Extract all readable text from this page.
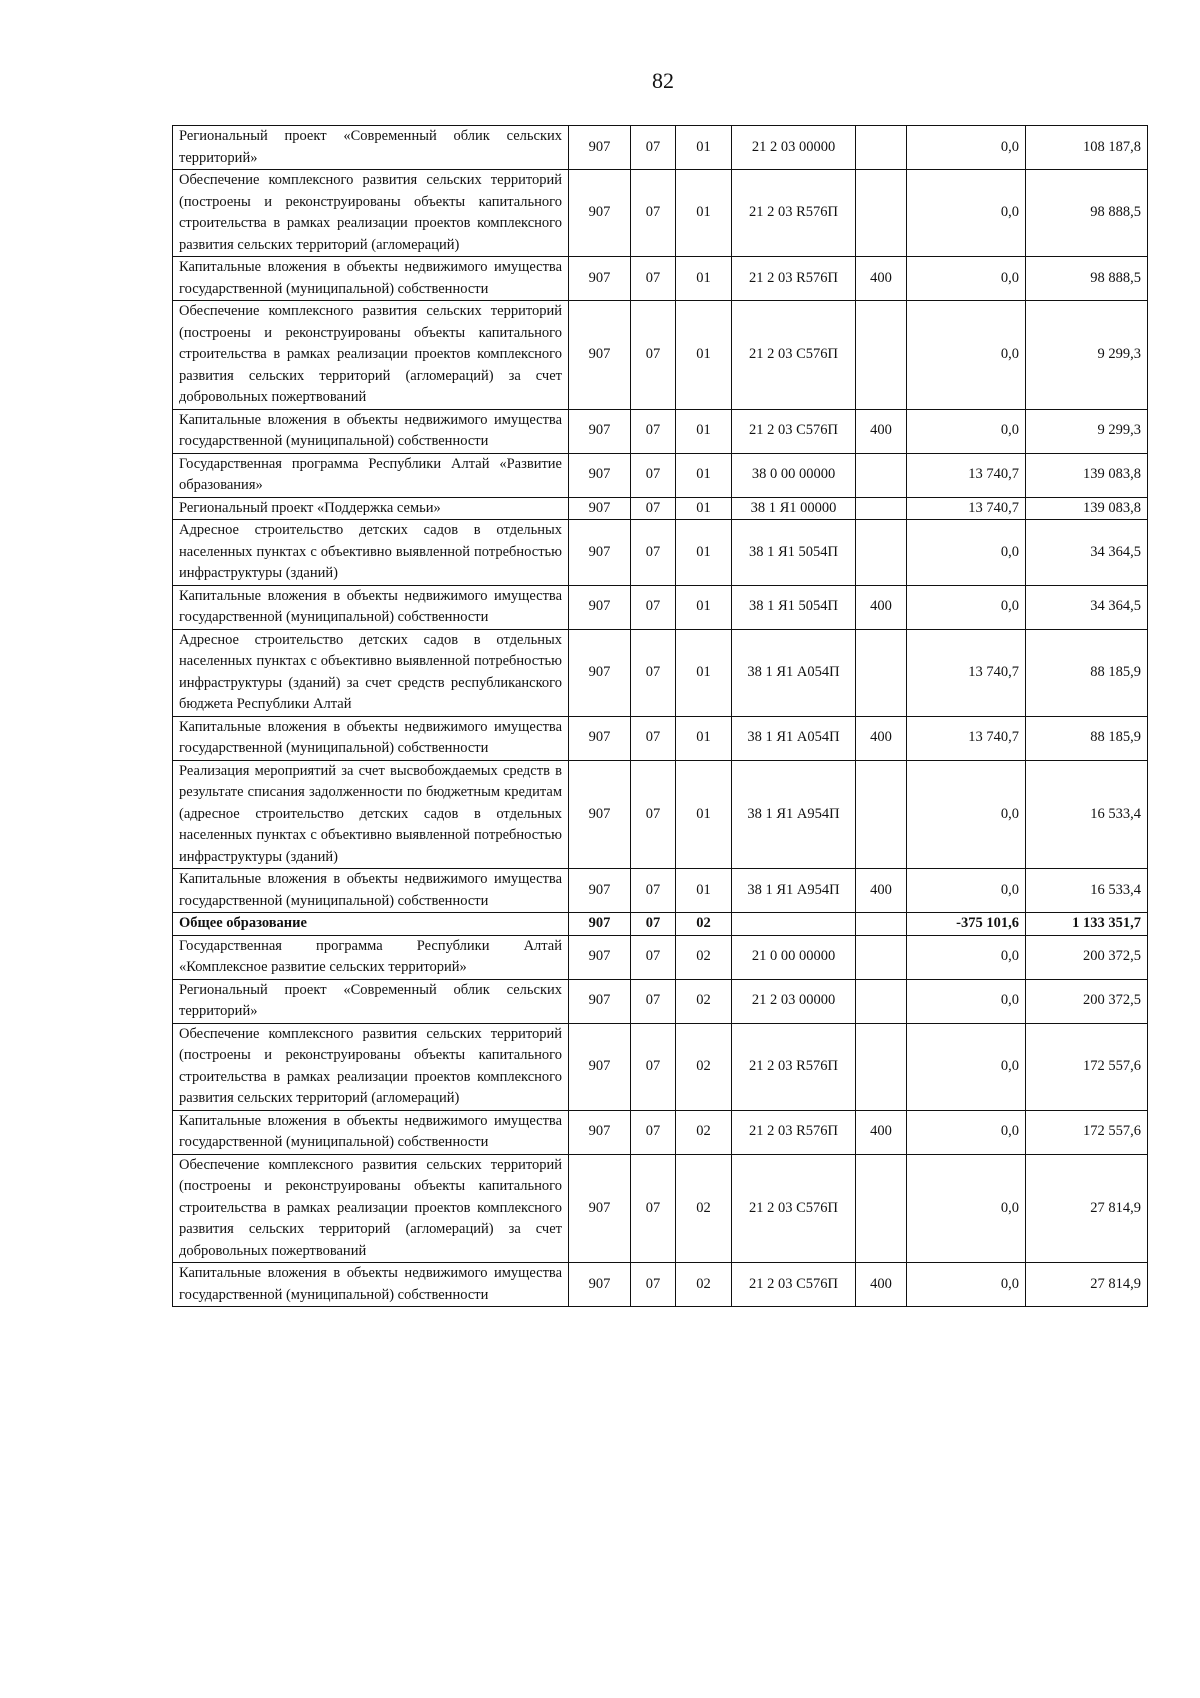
82
Региональный проект «Современный облик сельских территорий»	907	07	01	21 2 03 00000		0,0	108 187,8
Обеспечение комплексного развития сельских территорий (построены и реконструированы объекты капитального строительства в рамках реализации проектов комплексного развития сельских территорий (агломераций)	907	07	01	21 2 03 R576П		0,0	98 888,5
Капитальные вложения в объекты недвижимого имущества государственной (муниципальной) собственности	907	07	01	21 2 03 R576П	400	0,0	98 888,5
Обеспечение комплексного развития сельских территорий (построены и реконструированы объекты капитального строительства в рамках реализации проектов комплексного развития сельских территорий (агломераций) за счет добровольных пожертвований	907	07	01	21 2 03 С576П		0,0	9 299,3
Капитальные вложения в объекты недвижимого имущества государственной (муниципальной) собственности	907	07	01	21 2 03 С576П	400	0,0	9 299,3
Государственная программа Республики Алтай «Развитие образования»	907	07	01	38 0 00 00000		13 740,7	139 083,8
Региональный проект «Поддержка семьи»	907	07	01	38 1 Я1 00000		13 740,7	139 083,8
Адресное строительство детских садов в отдельных населенных пунктах с объективно выявленной потребностью инфраструктуры (зданий)	907	07	01	38 1 Я1 5054П		0,0	34 364,5
Капитальные вложения в объекты недвижимого имущества государственной (муниципальной) собственности	907	07	01	38 1 Я1 5054П	400	0,0	34 364,5
Адресное строительство детских садов в отдельных населенных пунктах с объективно выявленной потребностью инфраструктуры (зданий) за счет средств республиканского бюджета Республики Алтай	907	07	01	38 1 Я1 А054П		13 740,7	88 185,9
Капитальные вложения в объекты недвижимого имущества государственной (муниципальной) собственности	907	07	01	38 1 Я1 А054П	400	13 740,7	88 185,9
Реализация мероприятий за счет высвобождаемых средств в результате списания задолженности по бюджетным кредитам (адресное строительство детских садов в отдельных населенных пунктах с объективно выявленной потребностью инфраструктуры (зданий)	907	07	01	38 1 Я1 А954П		0,0	16 533,4
Капитальные вложения в объекты недвижимого имущества государственной (муниципальной) собственности	907	07	01	38 1 Я1 А954П	400	0,0	16 533,4
Общее образование	907	07	02			-375 101,6	1 133 351,7
Государственная программа Республики Алтай «Комплексное развитие сельских территорий»	907	07	02	21 0 00 00000		0,0	200 372,5
Региональный проект «Современный облик сельских территорий»	907	07	02	21 2 03 00000		0,0	200 372,5
Обеспечение комплексного развития сельских территорий (построены и реконструированы объекты капитального строительства в рамках реализации проектов комплексного развития сельских территорий (агломераций)	907	07	02	21 2 03 R576П		0,0	172 557,6
Капитальные вложения в объекты недвижимого имущества государственной (муниципальной) собственности	907	07	02	21 2 03 R576П	400	0,0	172 557,6
Обеспечение комплексного развития сельских территорий (построены и реконструированы объекты капитального строительства в рамках реализации проектов комплексного развития сельских территорий (агломераций) за счет добровольных пожертвований	907	07	02	21 2 03 С576П		0,0	27 814,9
Капитальные вложения в объекты недвижимого имущества государственной (муниципальной) собственности	907	07	02	21 2 03 С576П	400	0,0	27 814,9
